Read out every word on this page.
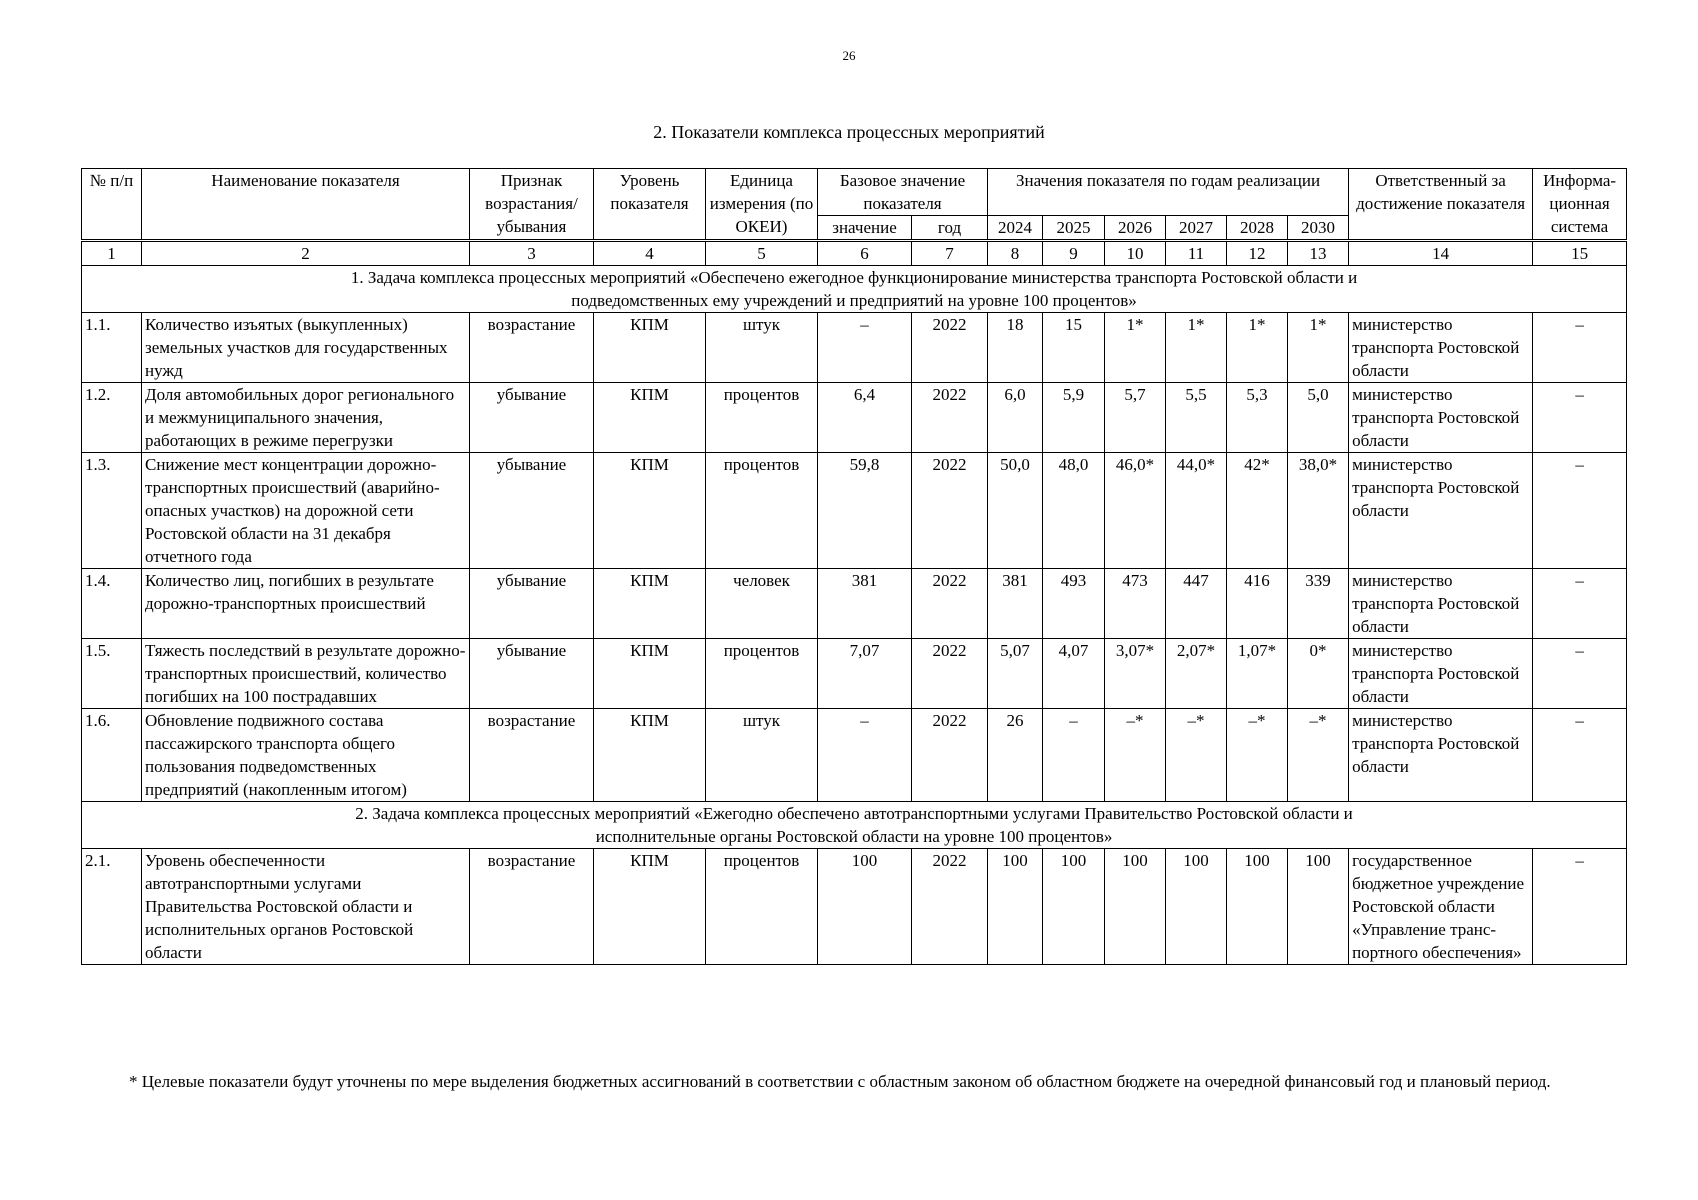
26
2. Показатели комплекса процессных мероприятий
№ п/п	Наименование показателя	Признак возрастания/ убывания	Уровень показателя	Единица измерения (по ОКЕИ)	Базовое значение показателя		Значения показателя по годам реализации						Ответственный за достижение показателя	Информа-ционная система
					значение	год	2024	2025	2026	2027	2028	2030		
1	2	3	4	5	6	7	8	9	10	11	12	13	14	15
1. Задача комплекса процессных мероприятий «Обеспечено ежегодное функционирование министерства транспорта Ростовской области и подведомственных ему учреждений и предприятий на уровне 100 процентов»														
1.1.	Количество изъятых (выкупленных) земельных участков для государственных нужд	возрастание	КПМ	штук	–	2022	18	15	1*	1*	1*	1*	министерство транспорта Ростовской области	–
1.2.	Доля автомобильных дорог регионального и межмуниципального значения, работающих в режиме перегрузки	убывание	КПМ	процентов	6,4	2022	6,0	5,9	5,7	5,5	5,3	5,0	министерство транспорта Ростовской области	–
1.3.	Снижение мест концентрации дорожно-транспортных происшествий (аварийно-опасных участков) на дорожной сети Ростовской области на 31 декабря отчетного года	убывание	КПМ	процентов	59,8	2022	50,0	48,0	46,0*	44,0*	42*	38,0*	министерство транспорта Ростовской области	–
1.4.	Количество лиц, погибших в результате дорожно-транспортных происшествий	убывание	КПМ	человек	381	2022	381	493	473	447	416	339	министерство транспорта Ростовской области	–
1.5.	Тяжесть последствий в результате дорожно-транспортных происшествий, количество погибших на 100 пострадавших	убывание	КПМ	процентов	7,07	2022	5,07	4,07	3,07*	2,07*	1,07*	0*	министерство транспорта Ростовской области	–
1.6.	Обновление подвижного состава пассажирского транспорта общего пользования подведомственных предприятий (накопленным итогом)	возрастание	КПМ	штук	–	2022	26	–	–*	–*	–*	–*	министерство транспорта Ростовской области	–
2. Задача комплекса процессных мероприятий «Ежегодно обеспечено автотранспортными услугами Правительство Ростовской области и исполнительные органы Ростовской области на уровне 100 процентов»														
2.1.	Уровень обеспеченности автотранспортными услугами Правительства Ростовской области и исполнительных органов Ростовской области	возрастание	КПМ	процентов	100	2022	100	100	100	100	100	100	государственное бюджетное учреждение Ростовской области «Управление транс-портного обеспечения»	–
* Целевые показатели будут уточнены по мере выделения бюджетных ассигнований в соответствии с областным законом об областном бюджете на очередной финансовый год и плановый период.
